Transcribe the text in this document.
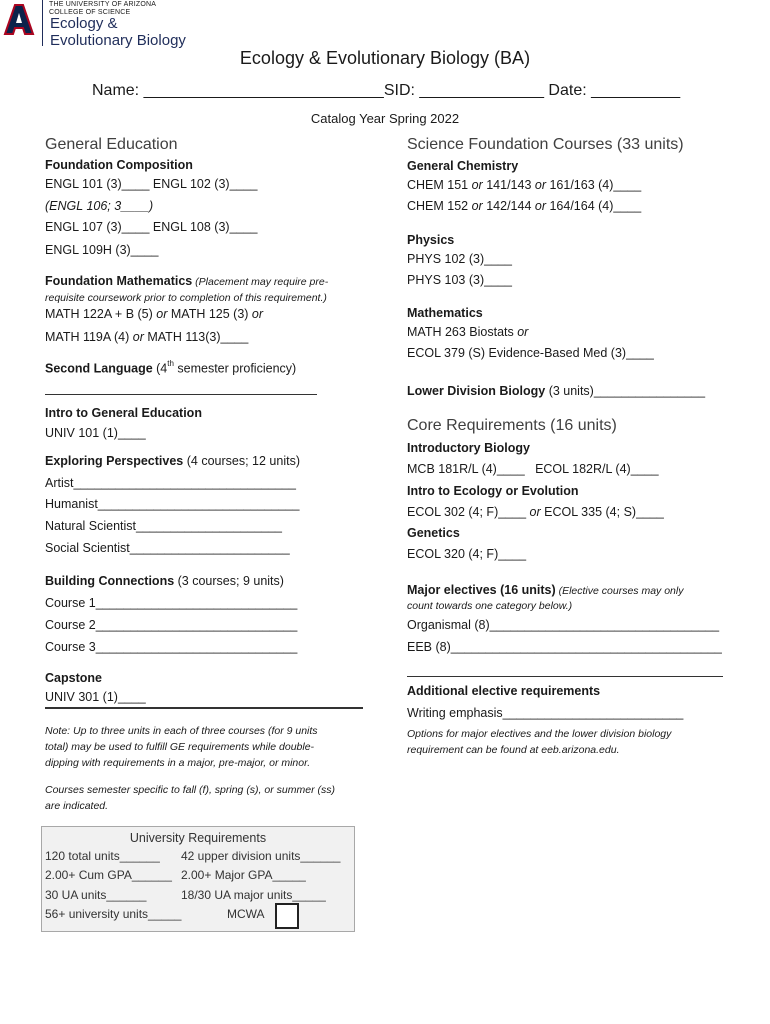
THE UNIVERSITY OF ARIZONA
COLLEGE OF SCIENCE
Ecology &
Evolutionary Biology
Ecology & Evolutionary Biology (BA)
Name: ___________________________SID: ______________ Date: __________
Catalog Year Spring 2022
General Education
Foundation Composition
ENGL 101 (3)____ ENGL 102 (3)____
(ENGL 106; 3____)
ENGL 107 (3)____ ENGL 108 (3)____
ENGL 109H (3)____
Foundation Mathematics (Placement may require pre-
requisite coursework prior to completion of this requirement.)
MATH 122A + B (5) or MATH 125 (3) or
MATH 119A (4) or MATH 113(3)____
Second Language (4th semester proficiency)
Intro to General Education
UNIV 101 (1)____
Exploring Perspectives (4 courses; 12 units)
Artist________________________________
Humanist_____________________________
Natural Scientist_____________________
Social Scientist_______________________
Building Connections (3 courses; 9 units)
Course 1_____________________________
Course 2_____________________________
Course 3_____________________________
Capstone
UNIV 301 (1)____
Note: Up to three units in each of three courses (for 9 units
total) may be used to fulfill GE requirements while double-
dipping with requirements in a major, pre-major, or minor.
Courses semester specific to fall (f), spring (s), or summer (ss)
are indicated.
University Requirements
120 total units______ 42 upper division units______
2.00+ Cum GPA______ 2.00+ Major GPA_____
30 UA units______	18/30 UA major units_____
56+ university units_____	MCWA
Science Foundation Courses (33 units)
General Chemistry
CHEM 151 or 141/143 or 161/163 (4)____
CHEM 152 or 142/144 or 164/164 (4)____
Physics
PHYS 102 (3)____
PHYS 103 (3)____
Mathematics
MATH 263 Biostats or
ECOL 379 (S) Evidence-Based Med (3)____
Lower Division Biology (3 units)________________
Core Requirements (16 units)
Introductory Biology
MCB 181R/L (4)____   ECOL 182R/L (4)____
Intro to Ecology or Evolution
ECOL 302 (4; F)____ or ECOL 335 (4; S)____
Genetics
ECOL 320 (4; F)____
Major electives (16 units) (Elective courses may only
count towards one category below.)
Organismal (8)_________________________________
EEB (8)_______________________________________
Additional elective requirements
Writing emphasis__________________________
Options for major electives and the lower division biology
requirement can be found at eeb.arizona.edu.
